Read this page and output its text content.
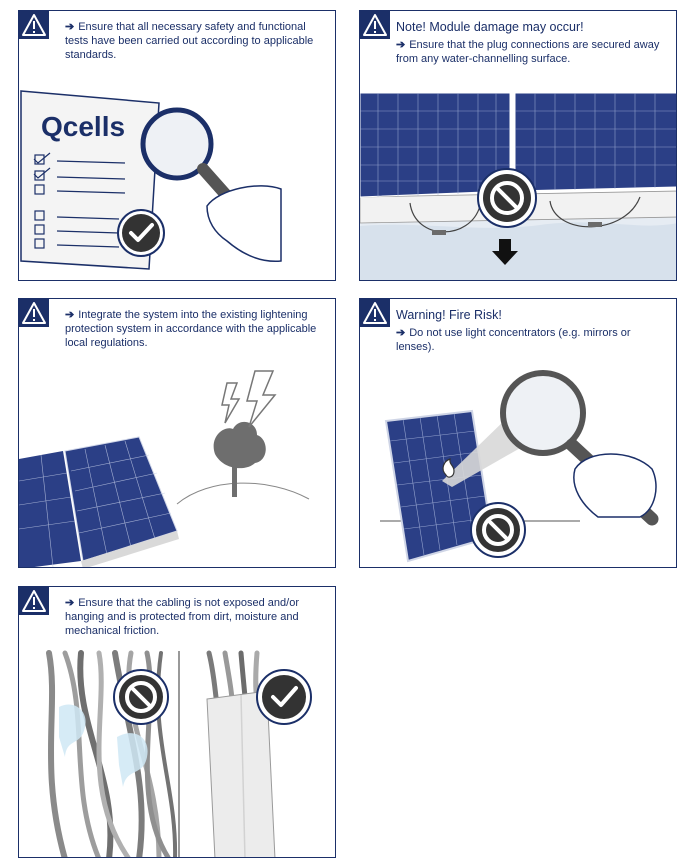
➔ Ensure that all necessary safety and functional tests have been carried out according to applicable standards.
Qcells
Note! Module damage may occur!
➔ Ensure that the plug connections are secured away from any water-channelling surface.
➔ Integrate the system into the existing lightening protection system in accordance with the applicable local regulations.
Warning! Fire Risk!
➔ Do not use light concentrators (e.g. mirrors or lenses).
➔ Ensure that the cabling is not exposed and/or hanging and is protected from dirt, moisture and mechanical friction.
